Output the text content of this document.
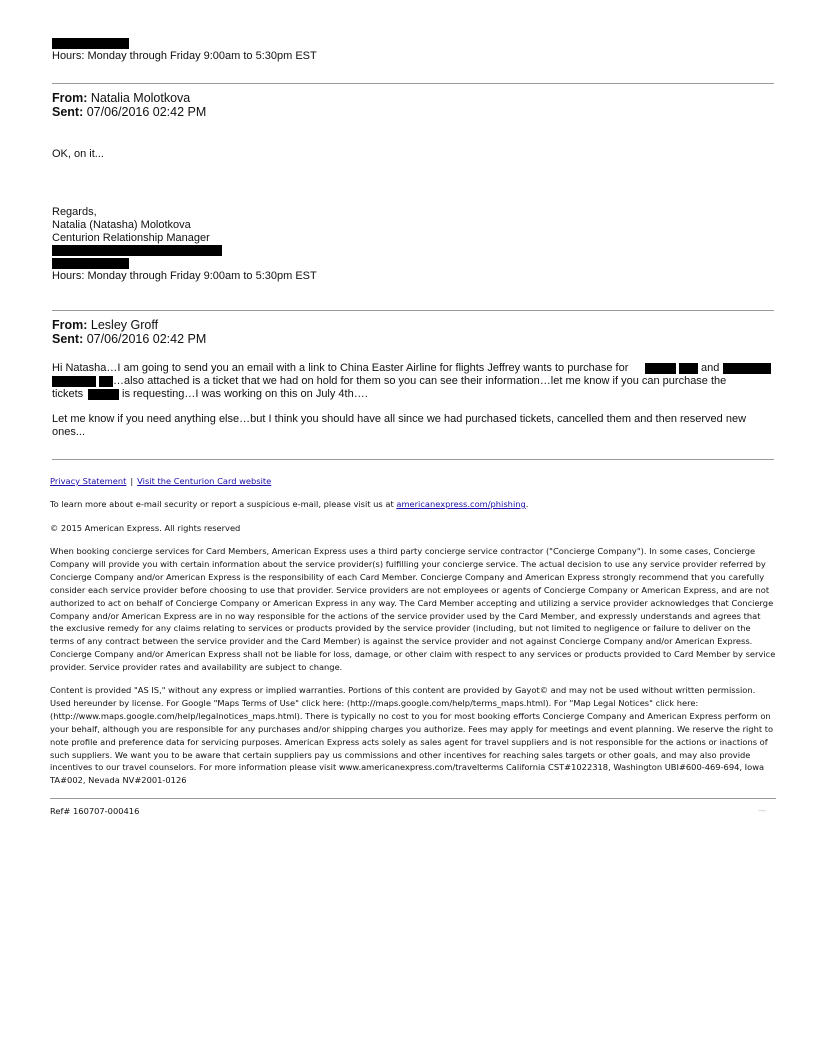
Hours: Monday through Friday 9:00am to 5:30pm EST
From: Natalia Molotkova
Sent: 07/06/2016 02:42 PM
OK, on it...
Regards,
Natalia (Natasha) Molotkova
Centurion Relationship Manager
Hours: Monday through Friday 9:00am to 5:30pm EST
From: Lesley Groff
Sent: 07/06/2016 02:42 PM
Hi Natasha…I am going to send you an email with a link to China Easter Airline for flights Jeffrey wants to purchase for	and
…also attached is a ticket that we had on hold for them so you can see their information…let me know if you can purchase the
tickets	is requesting…I was working on this on July 4th….
Let me know if you need anything else…but I think you should have all since we had purchased tickets, cancelled them and then reserved new
ones...
Privacy Statement | Visit the Centurion Card website
To learn more about e-mail security or report a suspicious e-mail, please visit us at americanexpress.com/phishing.
© 2015 American Express. All rights reserved

When booking concierge services for Card Members, American Express uses a third party concierge service contractor ("Concierge Company"). In some cases, Concierge Company will provide you with certain information about the service provider(s) fulfilling your concierge service. The actual decision to use any service provider referred by Concierge Company and/or American Express is the responsibility of each Card Member. Concierge Company and American Express strongly recommend that you carefully consider each service provider before choosing to use that provider. Service providers are not employees or agents of Concierge Company or American Express, and are not authorized to act on behalf of Concierge Company or American Express in any way. The Card Member accepting and utilizing a service provider acknowledges that Concierge Company and/or American Express are in no way responsible for the actions of the service provider used by the Card Member, and expressly understands and agrees that the exclusive remedy for any claims relating to services or products provided by the service provider (including, but not limited to negligence or failure to deliver on the terms of any contract between the service provider and the Card Member) is against the service provider and not against Concierge Company and/or American Express. Concierge Company and/or American Express shall not be liable for loss, damage, or other claim with respect to any services or products provided to Card Member by service provider. Service provider rates and availability are subject to change.

Content is provided "AS IS," without any express or implied warranties. Portions of this content are provided by Gayot© and may not be used without written permission. Used hereunder by license. For Google "Maps Terms of Use" click here: (http://maps.google.com/help/terms_maps.html). For "Map Legal Notices" click here: (http://www.maps.google.com/help/legalnotices_maps.html). There is typically no cost to you for most booking efforts Concierge Company and American Express perform on your behalf, although you are responsible for any purchases and/or shipping charges you authorize. Fees may apply for meetings and event planning. We reserve the right to note profile and preference data for servicing purposes. American Express acts solely as sales agent for travel suppliers and is not responsible for the actions or inactions of such suppliers. We want you to be aware that certain suppliers pay us commissions and other incentives for reaching sales targets or other goals, and may also provide incentives to our travel counselors. For more information please visit www.americanexpress.com/travelterms California CST#1022318, Washington UBI#600-469-694, Iowa TA#002, Nevada NV#2001-0126

Ref# 160707-000416	—
